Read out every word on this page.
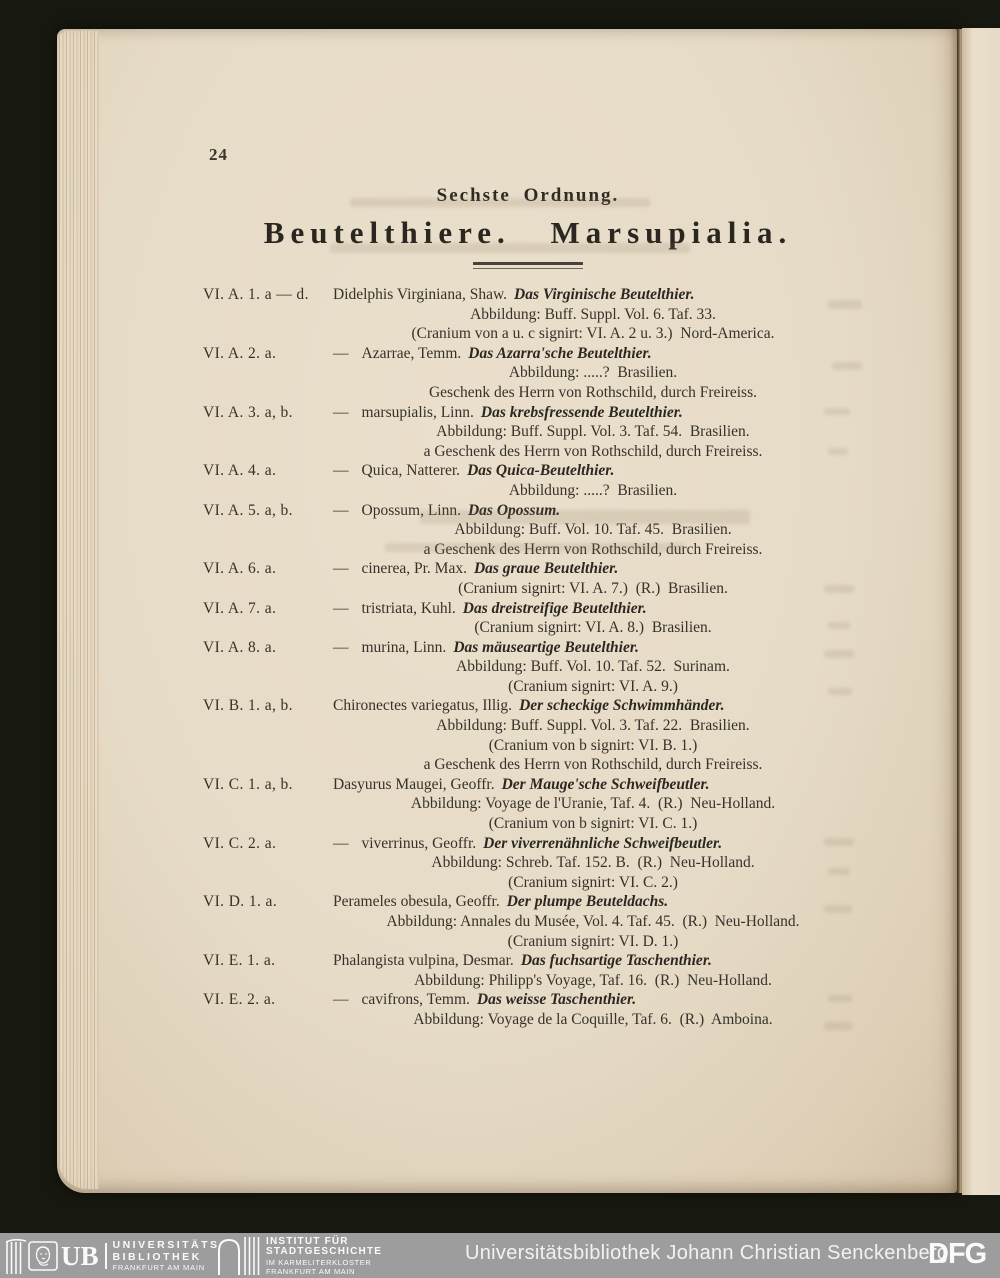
24
Sechste Ordnung.
Beutelthiere. Marsupialia.
VI. A. 1. a — d.	Didelphis Virginiana, Shaw. Das Virginische Beutelthier.
Abbildung: Buff. Suppl. Vol. 6. Taf. 33.
(Cranium von a u. c signirt: VI. A. 2 u. 3.)  Nord-America.
VI. A. 2. a.	— Azarrae, Temm. Das Azarra'sche Beutelthier.
Abbildung: .....?  Brasilien.
Geschenk des Herrn von Rothschild, durch Freireiss.
VI. A. 3. a, b.	— marsupialis, Linn. Das krebsfressende Beutelthier.
Abbildung: Buff. Suppl. Vol. 3. Taf. 54.  Brasilien.
a Geschenk des Herrn von Rothschild, durch Freireiss.
VI. A. 4. a.	— Quica, Natterer. Das Quica-Beutelthier.
Abbildung: .....?  Brasilien.
VI. A. 5. a, b.	— Opossum, Linn. Das Opossum.
Abbildung: Buff. Vol. 10. Taf. 45.  Brasilien.
a Geschenk des Herrn von Rothschild, durch Freireiss.
VI. A. 6. a.	— cinerea, Pr. Max. Das graue Beutelthier.
(Cranium signirt: VI. A. 7.)  (R.)  Brasilien.
VI. A. 7. a.	— tristriata, Kuhl. Das dreistreifige Beutelthier.
(Cranium signirt: VI. A. 8.)  Brasilien.
VI. A. 8. a.	— murina, Linn. Das mäuseartige Beutelthier.
Abbildung: Buff. Vol. 10. Taf. 52.  Surinam.
(Cranium signirt: VI. A. 9.)
VI. B. 1. a, b.	Chironectes variegatus, Illig. Der scheckige Schwimmhänder.
Abbildung: Buff. Suppl. Vol. 3. Taf. 22.  Brasilien.
(Cranium von b signirt: VI. B. 1.)
a Geschenk des Herrn von Rothschild, durch Freireiss.
VI. C. 1. a, b.	Dasyurus Maugei, Geoffr. Der Mauge'sche Schweifbeutler.
Abbildung: Voyage de l'Uranie, Taf. 4.  (R.)  Neu-Holland.
(Cranium von b signirt: VI. C. 1.)
VI. C. 2. a.	— viverrinus, Geoffr. Der viverrenähnliche Schweifbeutler.
Abbildung: Schreb. Taf. 152. B.  (R.)  Neu-Holland.
(Cranium signirt: VI. C. 2.)
VI. D. 1. a.	Perameles obesula, Geoffr. Der plumpe Beuteldachs.
Abbildung: Annales du Musée, Vol. 4. Taf. 45.  (R.)  Neu-Holland.
(Cranium signirt: VI. D. 1.)
VI. E. 1. a.	Phalangista vulpina, Desmar. Das fuchsartige Taschenthier.
Abbildung: Philipp's Voyage, Taf. 16.  (R.)  Neu-Holland.
VI. E. 2. a.	— cavifrons, Temm. Das weisse Taschenthier.
Abbildung: Voyage de la Coquille, Taf. 6.  (R.)  Amboina.
UB UNIVERSITÄTS
BIBLIOTHEK
FRANKFURT AM MAIN
INSTITUT FÜR
STADTGESCHICHTE
IM KARMELITERKLOSTER
FRANKFURT AM MAIN
Universitätsbibliothek Johann Christian Senckenberg
DFG
